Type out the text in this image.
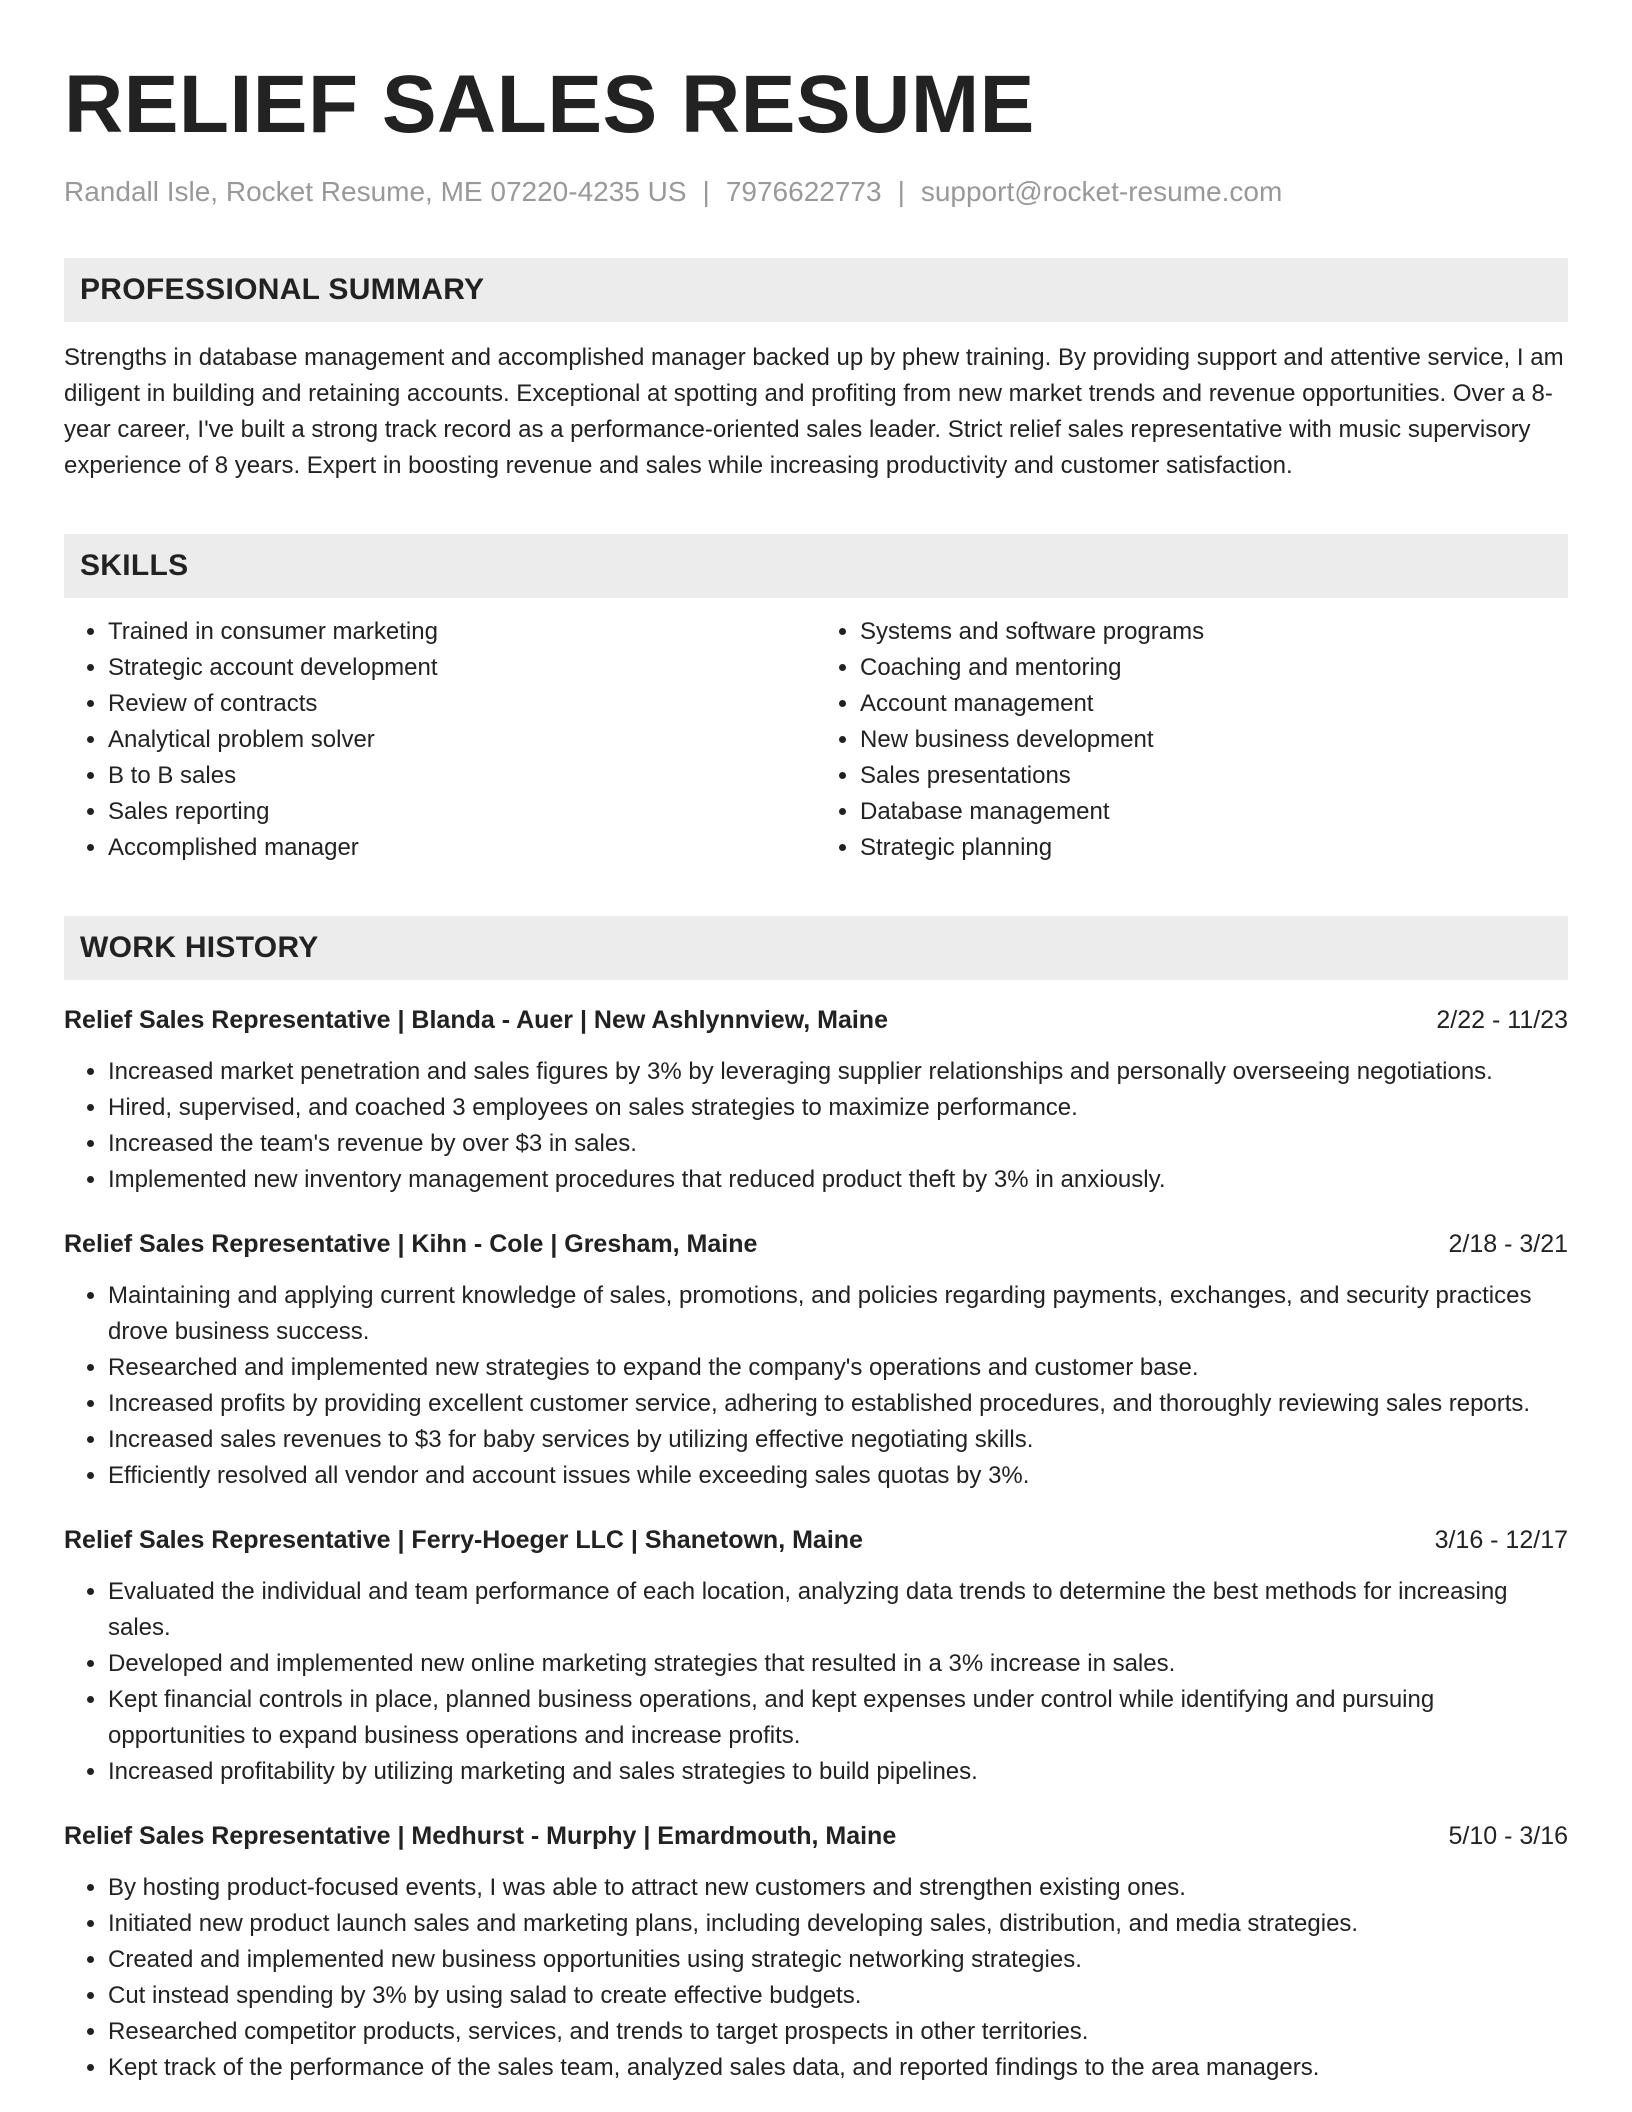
RELIEF SALES RESUME
Randall Isle, Rocket Resume, ME 07220-4235 US | 7976622773 | support@rocket-resume.com
PROFESSIONAL SUMMARY
Strengths in database management and accomplished manager backed up by phew training. By providing support and attentive service, I am diligent in building and retaining accounts. Exceptional at spotting and profiting from new market trends and revenue opportunities. Over a 8-year career, I've built a strong track record as a performance-oriented sales leader. Strict relief sales representative with music supervisory experience of 8 years. Expert in boosting revenue and sales while increasing productivity and customer satisfaction.
SKILLS
• Trained in consumer marketing
• Strategic account development
• Review of contracts
• Analytical problem solver
• B to B sales
• Sales reporting
• Accomplished manager
• Systems and software programs
• Coaching and mentoring
• Account management
• New business development
• Sales presentations
• Database management
• Strategic planning
WORK HISTORY
Relief Sales Representative | Blanda - Auer | New Ashlynnview, Maine	2/22 - 11/23
• Increased market penetration and sales figures by 3% by leveraging supplier relationships and personally overseeing negotiations.
• Hired, supervised, and coached 3 employees on sales strategies to maximize performance.
• Increased the team's revenue by over $3 in sales.
• Implemented new inventory management procedures that reduced product theft by 3% in anxiously.
Relief Sales Representative | Kihn - Cole | Gresham, Maine	2/18 - 3/21
• Maintaining and applying current knowledge of sales, promotions, and policies regarding payments, exchanges, and security practices drove business success.
• Researched and implemented new strategies to expand the company's operations and customer base.
• Increased profits by providing excellent customer service, adhering to established procedures, and thoroughly reviewing sales reports.
• Increased sales revenues to $3 for baby services by utilizing effective negotiating skills.
• Efficiently resolved all vendor and account issues while exceeding sales quotas by 3%.
Relief Sales Representative | Ferry-Hoeger LLC | Shanetown, Maine	3/16 - 12/17
• Evaluated the individual and team performance of each location, analyzing data trends to determine the best methods for increasing sales.
• Developed and implemented new online marketing strategies that resulted in a 3% increase in sales.
• Kept financial controls in place, planned business operations, and kept expenses under control while identifying and pursuing opportunities to expand business operations and increase profits.
• Increased profitability by utilizing marketing and sales strategies to build pipelines.
Relief Sales Representative | Medhurst - Murphy | Emardmouth, Maine	5/10 - 3/16
• By hosting product-focused events, I was able to attract new customers and strengthen existing ones.
• Initiated new product launch sales and marketing plans, including developing sales, distribution, and media strategies.
• Created and implemented new business opportunities using strategic networking strategies.
• Cut instead spending by 3% by using salad to create effective budgets.
• Researched competitor products, services, and trends to target prospects in other territories.
• Kept track of the performance of the sales team, analyzed sales data, and reported findings to the area managers.
